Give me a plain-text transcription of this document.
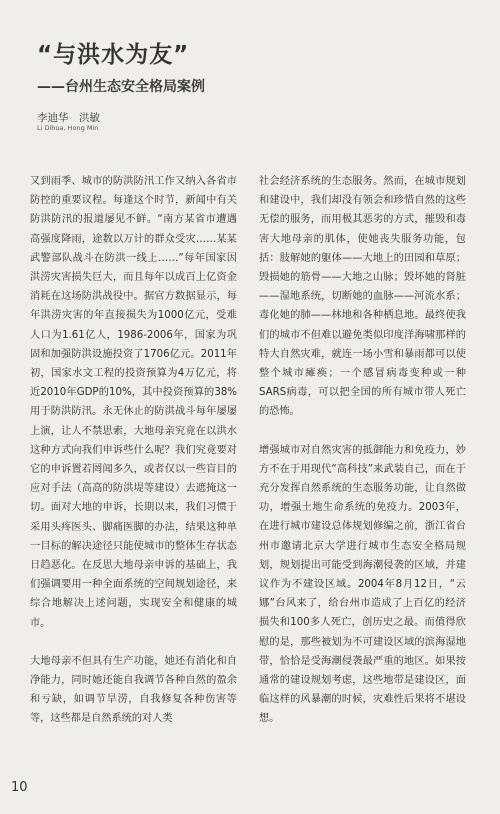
“与洪水为友”
——台州生态安全格局案例

李迪华　洪敏

Li Dihua, Hong Min

又到雨季、城市的防洪防汛工作又纳入各省市防控的重要议程。每逢这个时节，新闻中有关防洪防汛的报道屡见不鲜。“南方某省市遭遇高强度降雨，途数以万计的群众受灾……某某武警部队战斗在防洪一线上……”每年国家因洪涝灾害损失巨大，而且每年以成百上亿资金消耗在这场防洪战役中。据官方数据显示，每年洪涝灾害的年直接损失为1000亿元，受难人口为1.61亿人，1986-2006年，国家为巩固和加强防洪设施投资了1706亿元。2011年初，国家水文工程的投资预算为4万亿元，将近2010年GDP的10%，其中投资预算的38%用于防洪防汛。永无休止的防洪战斗每年屡屡上演，让人不禁思索，大地母亲究竟在以洪水这种方式向我们申诉些什么呢？我们究竟要对它的申诉置若罔闻多久，或者仅以一些盲目的应对手法（高高的防洪堤等建设）去遮掩这一切。面对大地的申诉，长期以来，我们习惯于采用头疼医头、脚痛医脚的办法，结果这种单一目标的解决途径只能使城市的整体生存状态日趋恶化。在反思大地母亲申诉的基础上，我们强调要用一种全面系统的空间规划途径，来综合地解决上述问题，实现安全和健康的城市。

大地母亲不但具有生产功能，她还有消化和自净能力，同时她还能自我调节各种自然的盈余和亏缺，如调节旱涝，自我修复各种伤害等等，这些都是自然系统的对人类

社会经济系统的生态服务。然而，在城市规划和建设中，我们却没有领会和珍惜自然的这些无偿的服务，而用极其恶劣的方式，摧毁和毒害大地母亲的肌体，使她丧失服务功能，包括：肢解她的躯体——大地上的田园和草原；毁损她的筋骨——大地之山脉；毁坏她的肾脏——湿地系统，切断她的血脉——河流水系；毒化她的肺——林地和各种栖息地。最终使我们的城市不但难以避免类似印度洋海啸那样的特大自然灾难，就连一场小雪和暴雨都可以使整个城市瘫痪；一个感冒病毒变种或一种SARS病毒，可以把全国的所有城市带人死亡的恐怖。

增强城市对自然灾害的抵御能力和免疫力，妙方不在于用现代“高科技”来武装自己，而在于充分发挥自然系统的生态服务功能，让自然做功，增强土地生命系统的免疫力。2003年，在进行城市建设总体规划修编之前，浙江省台州市邀请北京大学进行城市生态安全格局规划，规划提出可能受到海潮侵袭的区域，并建议作为不建设区域。2004年8月12日，“云娜”台风来了，给台州市造成了上百亿的经济损失和100多人死亡，创历史之最。而值得欣慰的是，那些被划为不可建设区域的滨海湿地带，恰恰是受海潮侵袭最严重的地区。如果按通常的建设规划考虑，这些地带是建设区，面临这样的风暴潮的时候，灾难性后果将不堪设想。

10
